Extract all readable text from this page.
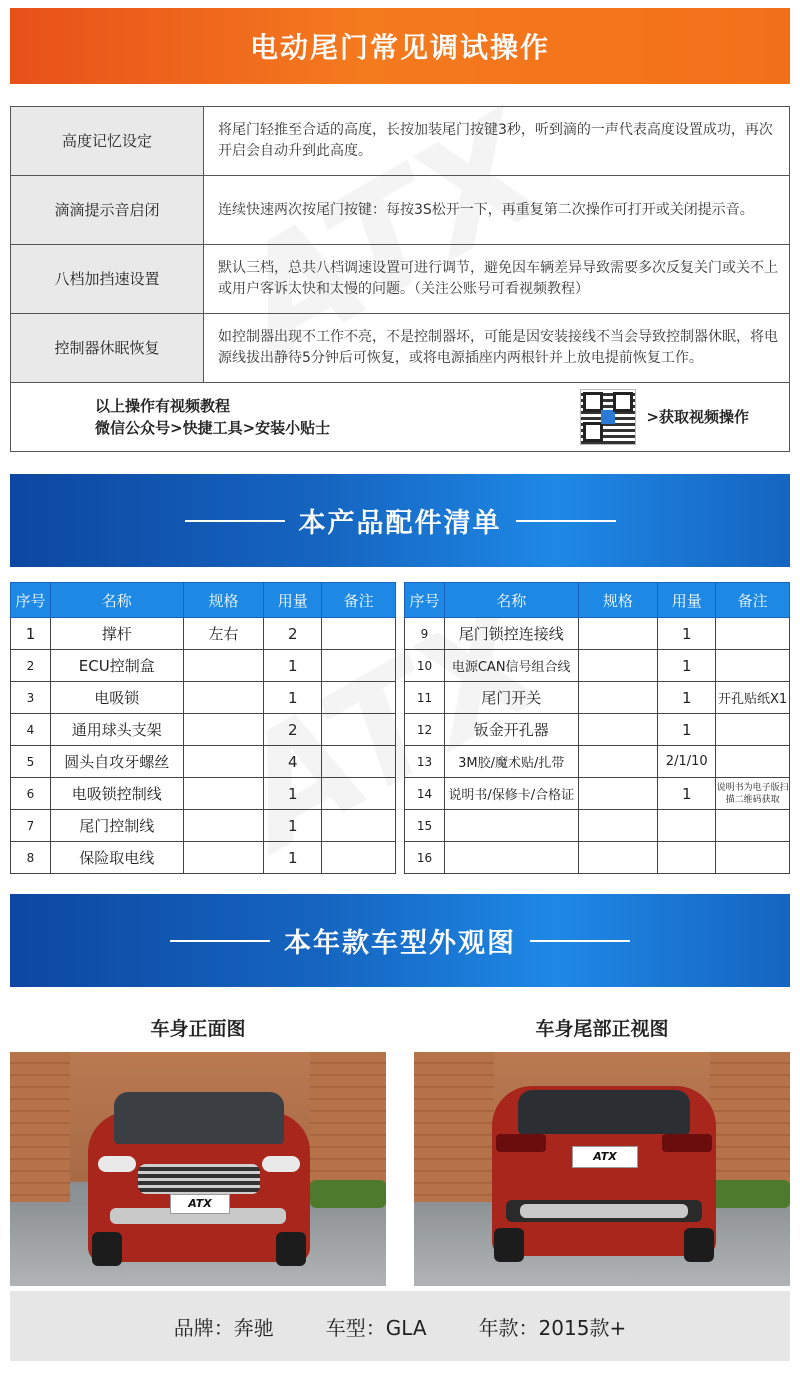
电动尾门常见调试操作
高度记忆设定	将尾门轻推至合适的高度，长按加装尾门按键3秒，听到滴的一声代表高度设置成功，再次开启会自动升到此高度。
滴滴提示音启闭	连续快速两次按尾门按键：每按3S松开一下，再重复第二次操作可打开或关闭提示音。
八档加挡速设置	默认三档，总共八档调速设置可进行调节，避免因车辆差异导致需要多次反复关门或关不上或用户客诉太快和太慢的问题。（关注公账号可看视频教程）
控制器休眠恢复	如控制器出现不工作不亮，不是控制器坏，可能是因安装接线不当会导致控制器休眠，将电源线拔出静待5分钟后可恢复，或将电源插座内两根针并上放电提前恢复工作。

以上操作有视频教程
微信公众号>快捷工具>安装小贴士
>获取视频操作	
本产品配件清单
序号	名称	规格	用量	备注
1	撑杆	左右	2	
2	ECU控制盒		1	
3	电吸锁		1	
4	通用球头支架		2	
5	圆头自攻牙螺丝		4	
6	电吸锁控制线		1	
7	尾门控制线		1	
8	保险取电线		1	
序号	名称	规格	用量	备注
9	尾门锁控连接线		1	
10	电源CAN信号组合线		1	
11	尾门开关		1	开孔贴纸X1
12	钣金开孔器		1	
13	3M胶/魔术贴/扎带		2/1/10	
14	说明书/保修卡/合格证		1	说明书为电子版扫描二维码获取
15				
16				
本年款车型外观图
车身正面图	车身尾部正视图
ATX
ATX
品牌：奔驰	车型：GLA	年款：2015款+
